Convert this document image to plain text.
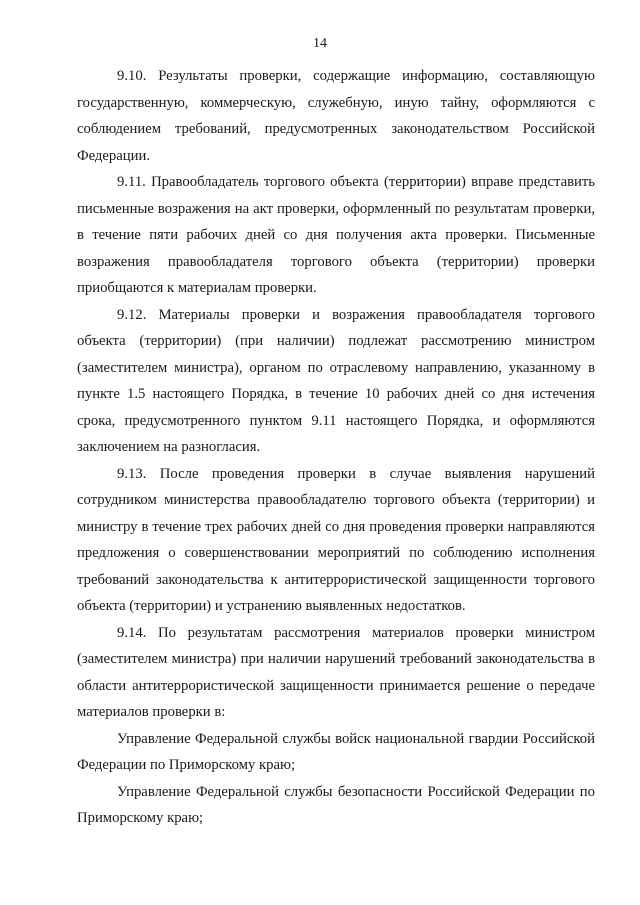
14

9.10. Результаты проверки, содержащие информацию, составляющую государственную, коммерческую, служебную, иную тайну, оформляются с соблюдением требований, предусмотренных законодательством Российской Федерации.

9.11. Правообладатель торгового объекта (территории) вправе представить письменные возражения на акт проверки, оформленный по результатам проверки, в течение пяти рабочих дней со дня получения акта проверки. Письменные возражения правообладателя торгового объекта (территории) проверки приобщаются к материалам проверки.

9.12. Материалы проверки и возражения правообладателя торгового объекта (территории) (при наличии) подлежат рассмотрению министром (заместителем министра), органом по отраслевому направлению, указанному в пункте 1.5 настоящего Порядка, в течение 10 рабочих дней со дня истечения срока, предусмотренного пунктом 9.11 настоящего Порядка, и оформляются заключением на разногласия.

9.13. После проведения проверки в случае выявления нарушений сотрудником министерства правообладателю торгового объекта (территории) и министру в течение трех рабочих дней со дня проведения проверки направляются предложения о совершенствовании мероприятий по соблюдению исполнения требований законодательства к антитеррористической защищенности торгового объекта (территории) и устранению выявленных недостатков.

9.14. По результатам рассмотрения материалов проверки министром (заместителем министра) при наличии нарушений требований законодательства в области антитеррористической защищенности принимается решение о передаче материалов проверки в:

Управление Федеральной службы войск национальной гвардии Российской Федерации по Приморскому краю;

Управление Федеральной службы безопасности Российской Федерации по Приморскому краю;
